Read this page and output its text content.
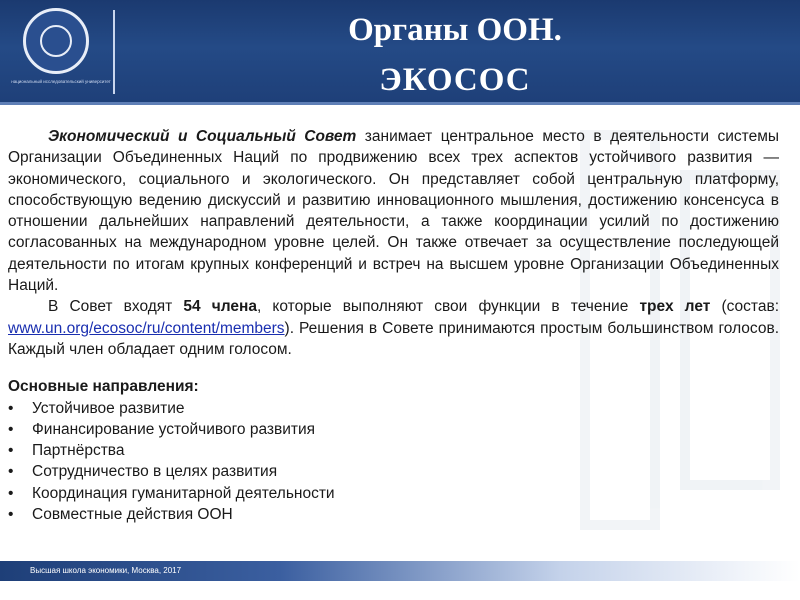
национальный исследовательский университет
Органы ООН.
ЭКОСОС

Экономический и Социальный Совет занимает центральное место в деятельности системы Организации Объединенных Наций по продвижению всех трех аспектов устойчивого развития — экономического, социального и экологического. Он представляет собой центральную платформу, способствующую ведению дискуссий и развитию инновационного мышления, достижению консенсуса в отношении дальнейших направлений деятельности, а также координации усилий по достижению согласованных на международном уровне целей. Он также отвечает за осуществление последующей деятельности по итогам крупных конференций и встреч на высшем уровне Организации Объединенных Наций.

В Совет входят 54 члена, которые выполняют свои функции в течение трех лет (состав: www.un.org/ecosoc/ru/content/members). Решения в Совете принимаются простым большинством голосов. Каждый член обладает одним голосом.

Основные направления:
• Устойчивое развитие
• Финансирование устойчивого развития
• Партнёрства
• Сотрудничество в целях развития
• Координация гуманитарной деятельности
• Совместные действия ООН
Высшая школа экономики, Москва, 2017
